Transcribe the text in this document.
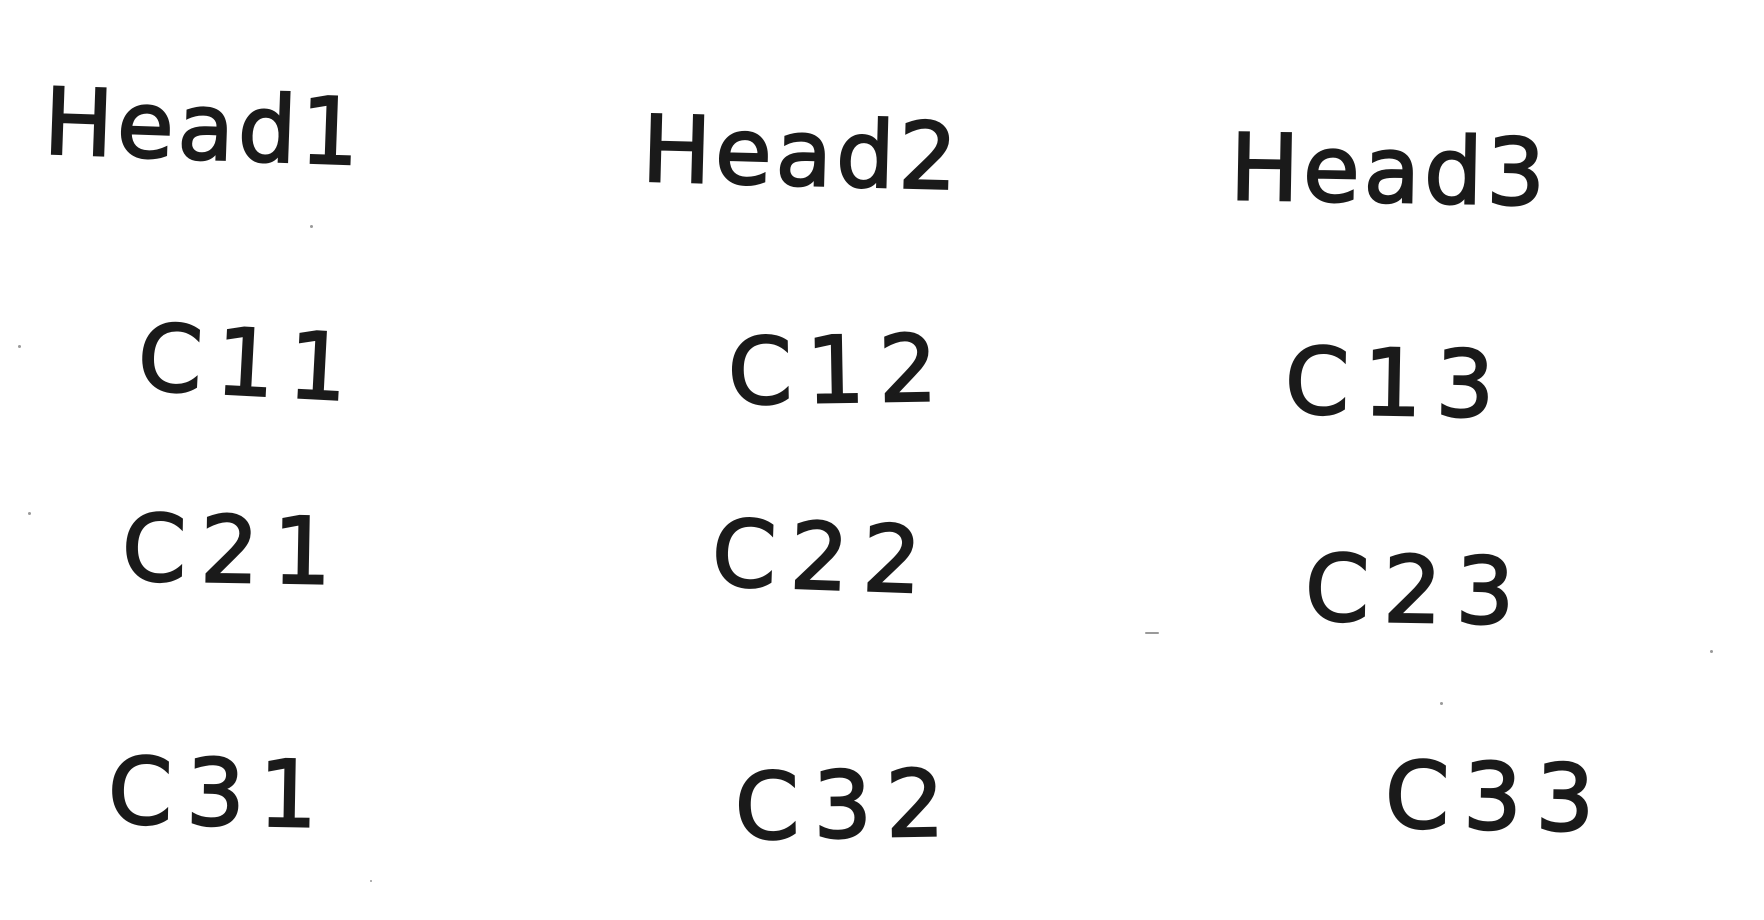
Head1	Head2	Head3
C11	C12	C13
C21	C22	C23
C31	C32	C33
